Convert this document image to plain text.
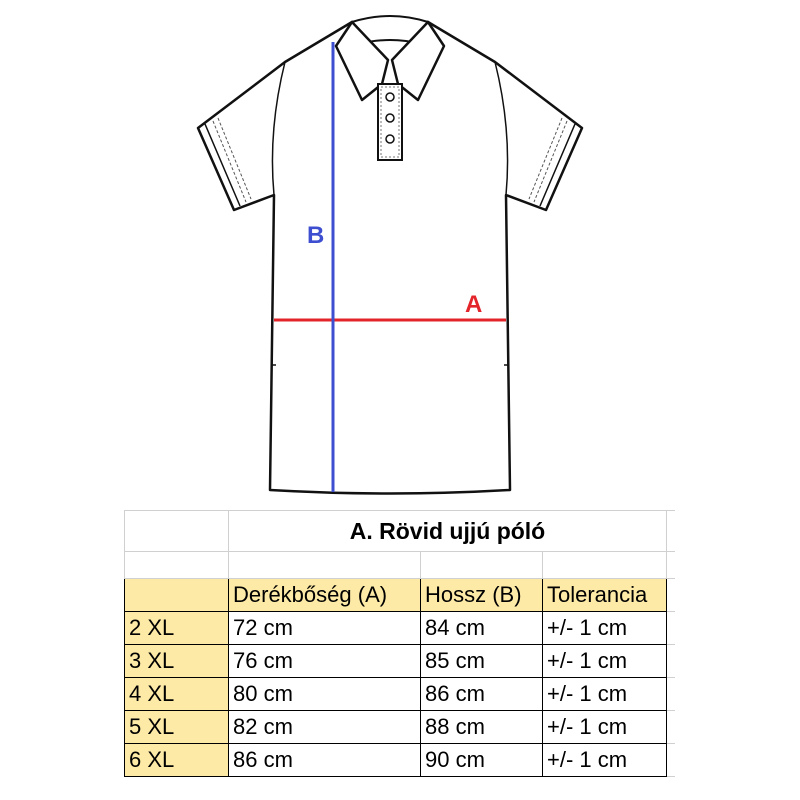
B
A
	A. Rövid ujjú póló			

	Derékbőség (A)	Hossz (B)	Tolerancia	
2 XL	72 cm	84 cm	+/- 1 cm	
3 XL	76 cm	85 cm	+/- 1 cm	
4 XL	80 cm	86 cm	+/- 1 cm	
5 XL	82 cm	88 cm	+/- 1 cm	
6 XL	86 cm	90 cm	+/- 1 cm	
